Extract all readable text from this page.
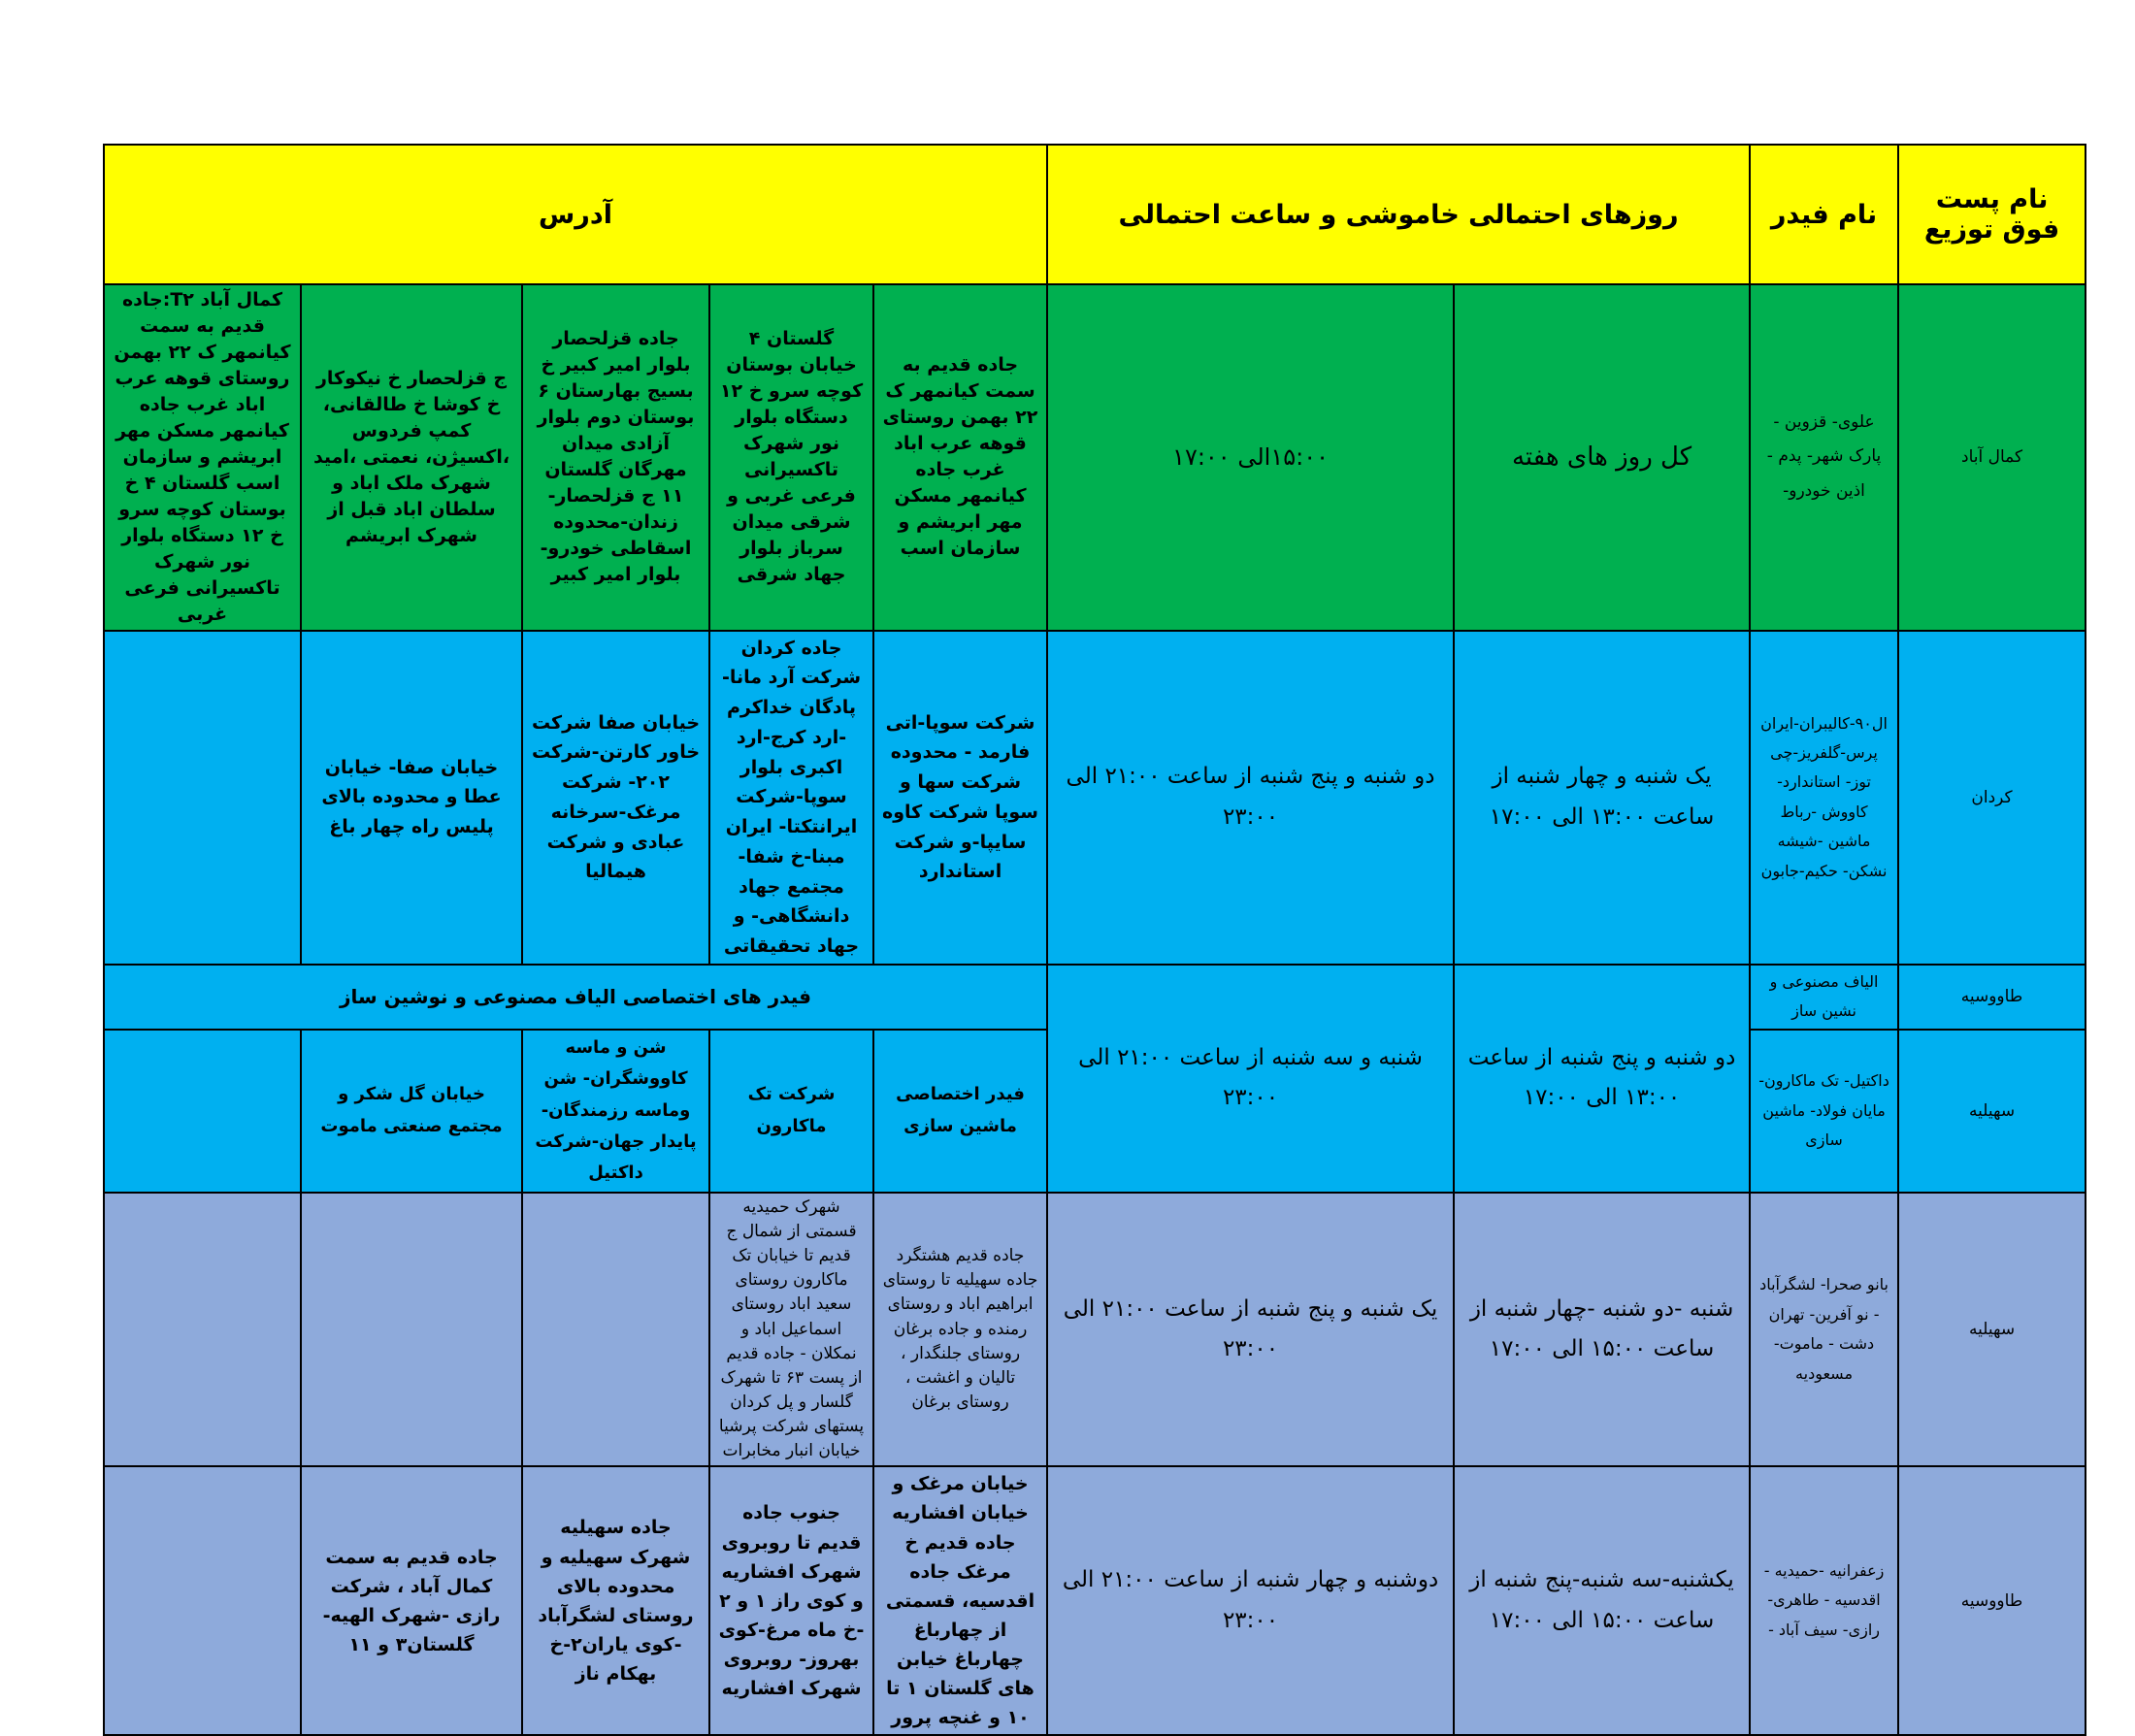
نام پست فوق توزیع	نام فیدر	روزهای احتمالی خاموشی و ساعت احتمالی		آدرس				
کمال آباد	علوی- قزوین - پارک شهر- پدم - اذین خودرو-	کل روز های هفته	۱۵:۰۰الی ۱۷:۰۰	جاده قدیم به سمت کیانمهر ک ۲۲ بهمن روستای قوهه عرب اباد غرب جاده کیانمهر مسکن مهر ابریشم و سازمان اسب	گلستان ۴ خیابان بوستان کوچه سرو خ ۱۲ دستگاه بلوار نور شهرک تاکسیرانی فرعی غربی و شرقی میدان سرباز بلوار جهاد شرقی	جاده قزلحصار بلوار امیر کبیر خ بسیج بهارستان ۶ بوستان دوم بلوار آزادی میدان مهرگان گلستان ۱۱ ج قزلحصار-زندان-محدوده اسقاطی خودرو-بلوار امیر کبیر	ج قزلحصار خ نیکوکار خ کوشا خ طالقانی، کمپ فردوس ،اکسیژن، نعمتی ،امید شهرک ملک اباد و سلطان اباد قبل از شهرک ابریشم	کمال آباد T۲:جاده قدیم به سمت کیانمهر ک ۲۲ بهمن روستای قوهه عرب اباد غرب جاده کیانمهر مسکن مهر ابریشم و سازمان اسب گلستان ۴ خ بوستان کوچه سرو خ ۱۲ دستگاه بلوار نور شهرک تاکسیرانی فرعی غربی
کردان	ال۹۰-کالیبران-ایران پرس-گلفریز-چی توز- استاندارد-کاووش -رباط ماشین -شیشه نشکن- حکیم-جابون	یک شنبه و چهار شنبه از ساعت ۱۳:۰۰ الی ۱۷:۰۰	دو شنبه و پنج شنبه از ساعت ۲۱:۰۰ الی ۲۳:۰۰	شرکت سوپا-اتی فارمد - محدوده شرکت سها و سوپا شرکت کاوه سایپا-و شرکت استاندارد	جاده کردان شرکت آرد مانا-پادگان خداکرم -ارد کرج-ارد اکبری بلوار سوپا-شرکت ایرانتکتا- ایران مبنا-خ شفا- مجتمع جهاد دانشگاهی- و جهاد تحقیقاتی	خیابان صفا شرکت خاور کارتن-شرکت ۲۰۲- شرکت مرغک-سرخانه عبادی و شرکت هیمالیا	خیابان صفا- خیابان عطا و محدوده بالای پلیس راه چهار باغ	
طاووسیه	الیاف مصنوعی و نشین ساز	دو شنبه و پنج شنبه از ساعت ۱۳:۰۰ الی ۱۷:۰۰	شنبه و سه شنبه از ساعت ۲۱:۰۰ الی ۲۳:۰۰	فیدر های اختصاصی الیاف مصنوعی و نوشین ساز				
سهیلیه	داکتیل- تک ماکارون- مایان فولاد- ماشین سازی			فیدر اختصاصی ماشین سازی	شرکت تک ماکارون	شن و ماسه کاووشگران- شن وماسه رزمندگان- پایدار جهان-شرکت داکتیل	خیابان گل شکر و مجتمع صنعتی ماموت	
سهیلیه	بانو صحرا- لشگرآباد - نو آفرین- تهران دشت - ماموت- مسعودیه	شنبه -دو شنبه -چهار شنبه از ساعت ۱۵:۰۰ الی ۱۷:۰۰	یک شنبه و پنج شنبه از ساعت ۲۱:۰۰ الی ۲۳:۰۰	جاده قدیم هشتگرد جاده سهیلیه تا روستای ابراهیم اباد و روستای رمنده و جاده برغان روستای جلنگدار ، تالیان و اغشت ، روستای برغان	شهرک حمیدیه قسمتی از شمال ج قدیم تا خیابان تک ماکارون روستای سعید اباد روستای اسماعیل اباد و نمکلان - جاده قدیم از پست ۶۳ تا شهرک گلسار و پل کردان پستهای شرکت پرشیا خیابان انبار مخابرات			
طاووسیه	زعفرانیه -حمیدیه - اقدسیه - طاهری- رازی- سیف آباد -	یکشنبه-سه شنبه-پنج شنبه از ساعت ۱۵:۰۰ الی ۱۷:۰۰	دوشنبه و چهار شنبه از ساعت ۲۱:۰۰ الی ۲۳:۰۰	خیابان مرغک و خیابان افشاریه جاده قدیم خ مرغک جاده اقدسیه، قسمتی از چهارباغ چهارباغ خیابن های گلستان ۱ تا ۱۰ و غنچه پرور	جنوب جاده قدیم تا روبروی شهرک افشاریه و کوی راز ۱ و ۲ -خ ماه مرغ-کوی بهروز- روبروی شهرک افشاریه	جاده سهیلیه شهرک سهیلیه و محدوده بالای روستای لشگرآباد -کوی یاران۲-خ بهکام ناز	جاده قدیم به سمت کمال آباد ، شرکت رازی -شهرک الهیه- گلستان۳ و ۱۱	
